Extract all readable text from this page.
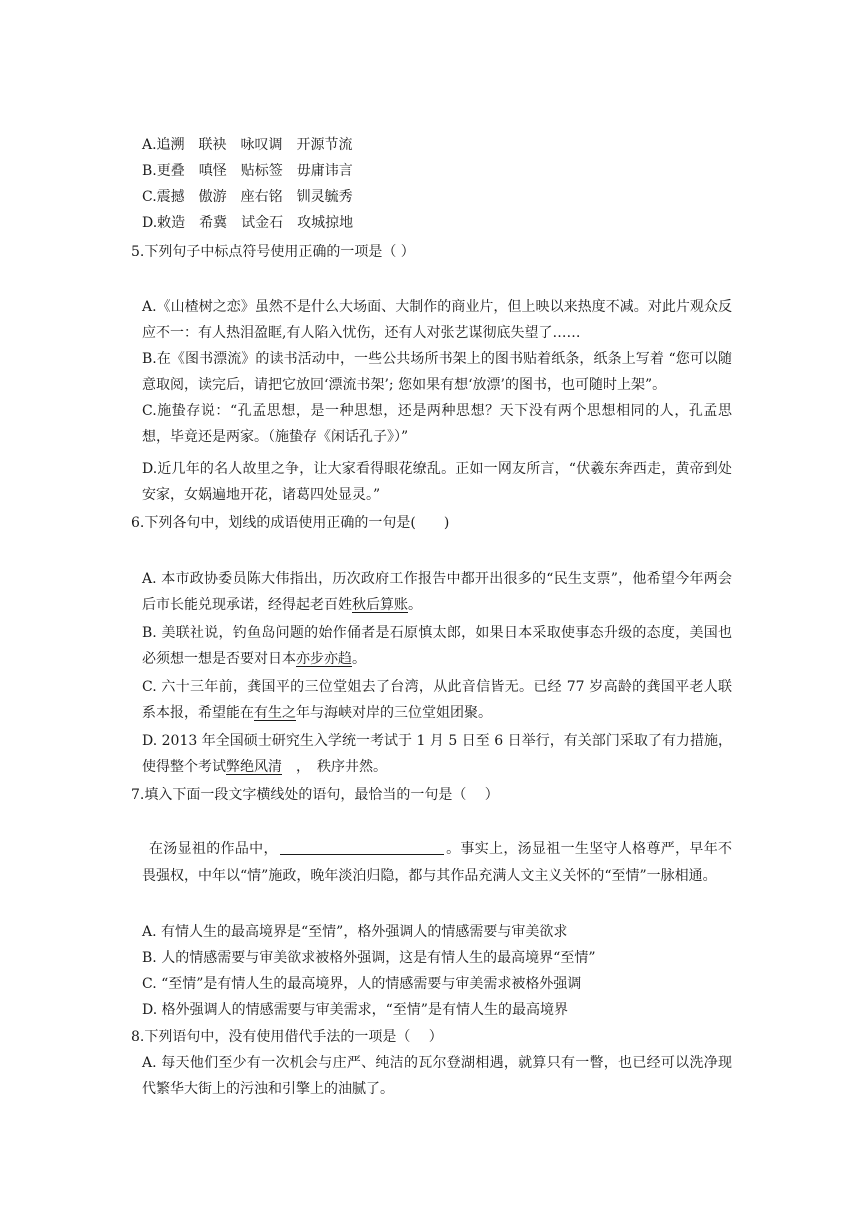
A.追溯　联袂　咏叹调　开源节流
B.更叠　嗔怪　贴标签　毋庸讳言
C.震撼　傲游　座右铭　钏灵毓秀
D.敕造　希冀　试金石　攻城掠地
5.下列句子中标点符号使用正确的一项是（ ）
A.《山楂树之恋》虽然不是什么大场面、大制作的商业片，但上映以来热度不减。对此片观众反应不一：有人热泪盈眶,有人陷入忧伤，还有人对张艺谋彻底失望了……
B.在《图书漂流》的读书活动中，一些公共场所书架上的图书贴着纸条，纸条上写着 “您可以随意取阅，读完后，请把它放回‘漂流书架’; 您如果有想‘放漂’的图书，也可随时上架”。
C.施蛰存说：“孔孟思想，是一种思想，还是两种思想？天下没有两个思想相同的人，孔孟思想，毕竟还是两家。（施蛰存《闲话孔子》）”
D.近几年的名人故里之争，让大家看得眼花缭乱。正如一网友所言，“伏羲东奔西走，黄帝到处安家，女娲遍地开花，诸葛四处显灵。”
6.下列各句中，划线的成语使用正确的一句是(　　)
A. 本市政协委员陈大伟指出，历次政府工作报告中都开出很多的“民生支票”，他希望今年两会后市长能兑现承诺，经得起老百姓秋后算账。
B. 美联社说，钓鱼岛问题的始作俑者是石原慎太郎，如果日本采取使事态升级的态度，美国也必须想一想是否要对日本亦步亦趋。
C. 六十三年前，龚国平的三位堂姐去了台湾，从此音信皆无。已经 77 岁高龄的龚国平老人联系本报，希望能在有生之年与海峡对岸的三位堂姐团聚。
D. 2013 年全国硕士研究生入学统一考试于 1 月 5 日至 6 日举行，有关部门采取了有力措施，使得整个考试弊绝风清　，　秩序井然。
7.填入下面一段文字横线处的语句，最恰当的一句是（　 ）
在汤显祖的作品中，	。事实上，汤显祖一生坚守人格尊严，早年不畏强权，中年以“情”施政，晚年淡泊归隐，都与其作品充满人文主义关怀的“至情”一脉相通。
A. 有情人生的最高境界是“至情”，格外强调人的情感需要与审美欲求
B. 人的情感需要与审美欲求被格外强调，这是有情人生的最高境界“至情”
C. “至情”是有情人生的最高境界，人的情感需要与审美需求被格外强调
D. 格外强调人的情感需要与审美需求，“至情”是有情人生的最高境界
8.下列语句中，没有使用借代手法的一项是（　 ）
A. 每天他们至少有一次机会与庄严、纯洁的瓦尔登湖相遇，就算只有一瞥，也已经可以洗净现代繁华大街上的污浊和引擎上的油腻了。
